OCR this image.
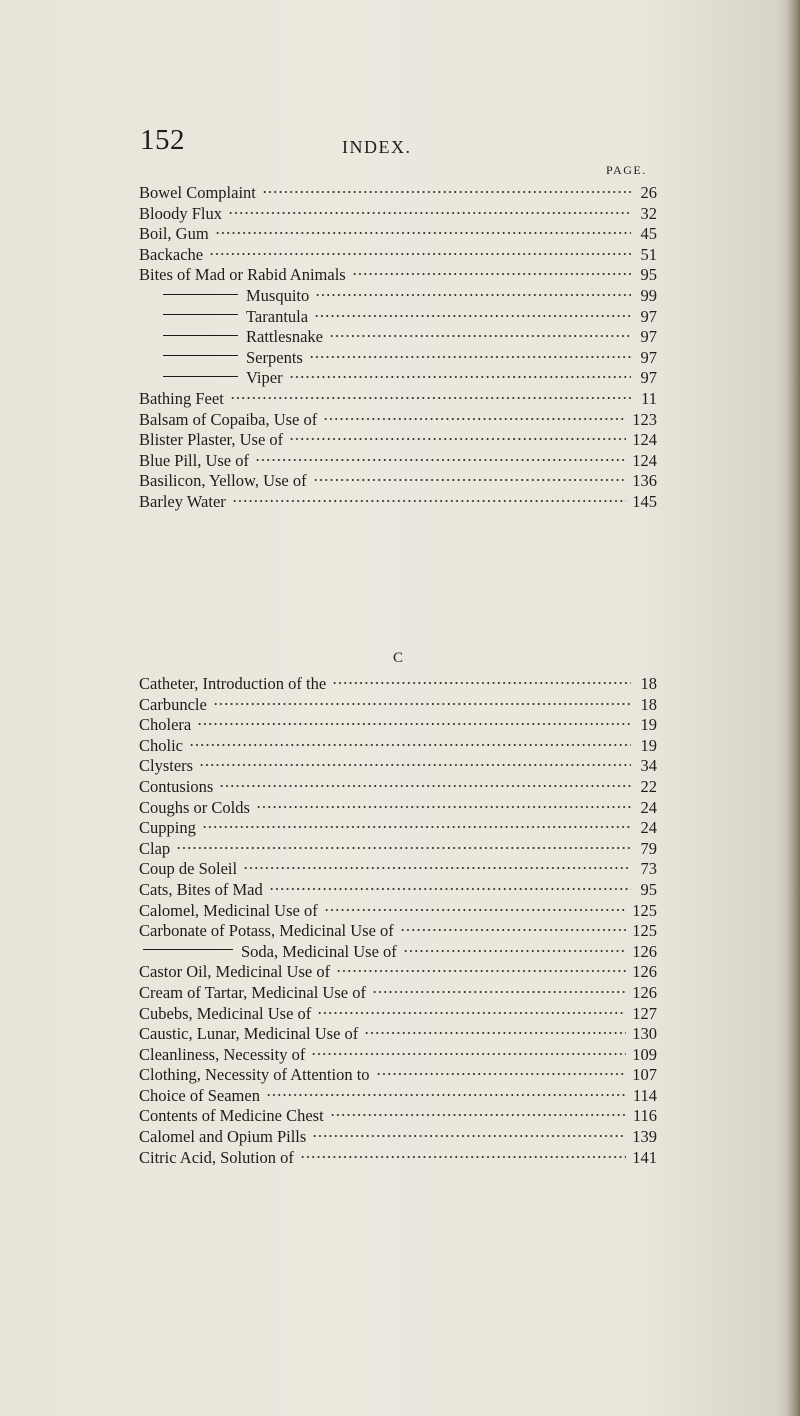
152	INDEX.
PAGE.
Bowel Complaint	26
Bloody Flux	32
Boil, Gum	45
Backache	51
Bites of Mad or Rabid Animals	95
Musquito	99
Tarantula	97
Rattlesnake	97
Serpents	97
Viper	97
Bathing Feet	11
Balsam of Copaiba, Use of	123
Blister Plaster, Use of	124
Blue Pill, Use of	124
Basilicon, Yellow, Use of	136
Barley Water	145
C
Catheter, Introduction of the	18
Carbuncle	18
Cholera	19
Cholic	19
Clysters	34
Contusions	22
Coughs or Colds	24
Cupping	24
Clap	79
Coup de Soleil	73
Cats, Bites of Mad	95
Calomel, Medicinal Use of	125
Carbonate of Potass, Medicinal Use of	125
Soda, Medicinal Use of	126
Castor Oil, Medicinal Use of	126
Cream of Tartar, Medicinal Use of	126
Cubebs, Medicinal Use of	127
Caustic, Lunar, Medicinal Use of	130
Cleanliness, Necessity of	109
Clothing, Necessity of Attention to	107
Choice of Seamen	114
Contents of Medicine Chest	116
Calomel and Opium Pills	139
Citric Acid, Solution of	141
